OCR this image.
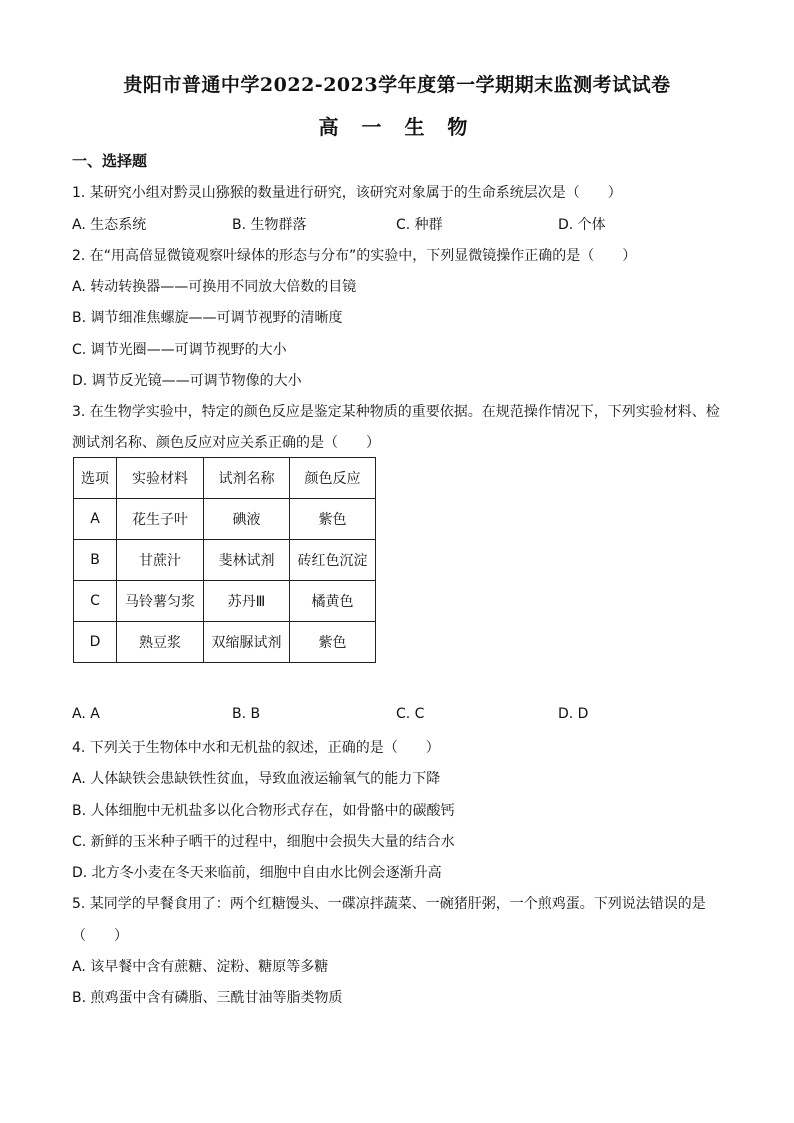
贵阳市普通中学2022-2023学年度第一学期期末监测考试试卷
高 一 生 物
一、选择题
1. 某研究小组对黔灵山猕猴的数量进行研究，该研究对象属于的生命系统层次是（　　）
A. 生态系统	B. 生物群落	C. 种群	D. 个体
2. 在“用高倍显微镜观察叶绿体的形态与分布”的实验中，下列显微镜操作正确的是（　　）
A. 转动转换器——可换用不同放大倍数的目镜
B. 调节细准焦螺旋——可调节视野的清晰度
C. 调节光圈——可调节视野的大小
D. 调节反光镜——可调节物像的大小
3. 在生物学实验中，特定的颜色反应是鉴定某种物质的重要依据。在规范操作情况下，下列实验材料、检
测试剂名称、颜色反应对应关系正确的是（　　）
选项	实验材料	试剂名称	颜色反应
A	花生子叶	碘液	紫色
B	甘蔗汁	斐林试剂	砖红色沉淀
C	马铃薯匀浆	苏丹Ⅲ	橘黄色
D	熟豆浆	双缩脲试剂	紫色
A. A	B. B	C. C	D. D
4. 下列关于生物体中水和无机盐的叙述，正确的是（　　）
A. 人体缺铁会患缺铁性贫血，导致血液运输氧气的能力下降
B. 人体细胞中无机盐多以化合物形式存在，如骨骼中的碳酸钙
C. 新鲜的玉米种子晒干的过程中，细胞中会损失大量的结合水
D. 北方冬小麦在冬天来临前，细胞中自由水比例会逐渐升高
5. 某同学的早餐食用了：两个红糖馒头、一碟凉拌蔬菜、一碗猪肝粥，一个煎鸡蛋。下列说法错误的是
（　　）
A. 该早餐中含有蔗糖、淀粉、糖原等多糖
B. 煎鸡蛋中含有磷脂、三酰甘油等脂类物质
